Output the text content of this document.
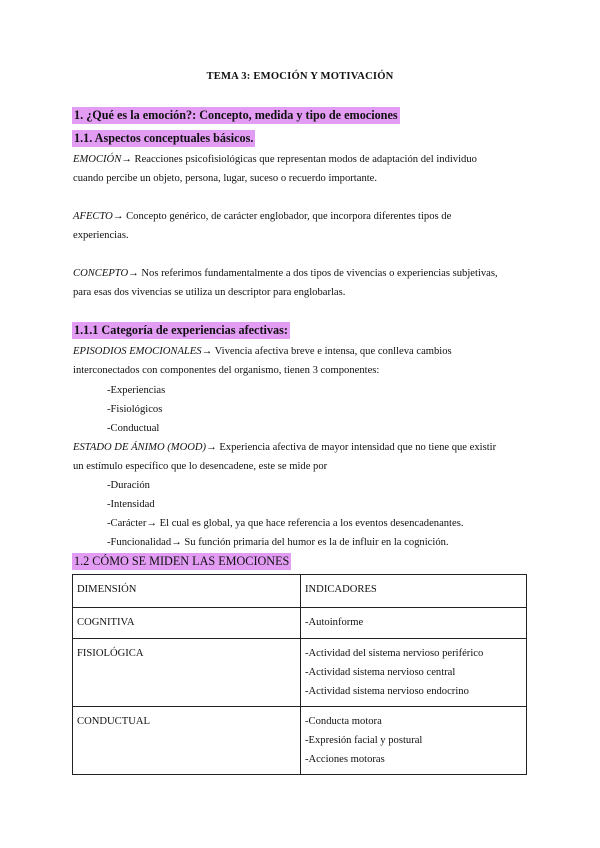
TEMA 3: EMOCIÓN Y MOTIVACIÓN
1. ¿Qué es la emoción?: Concepto, medida y tipo de emociones
1.1. Aspectos conceptuales básicos.
EMOCIÓN→ Reacciones psicofisiológicas que representan modos de adaptación del individuo
cuando percibe un objeto, persona, lugar, suceso o recuerdo importante.
AFECTO→ Concepto genérico, de carácter englobador, que incorpora diferentes tipos de
experiencias.
CONCEPTO→ Nos referimos fundamentalmente a dos tipos de vivencias o experiencias subjetivas,
para esas dos vivencias se utiliza un descriptor para englobarlas.
1.1.1 Categoría de experiencias afectivas:
EPISODIOS EMOCIONALES→ Vivencia afectiva breve e intensa, que conlleva cambios
interconectados con componentes del organismo, tienen 3 componentes:
-Experiencias
-Fisiológicos
-Conductual
ESTADO DE ÁNIMO (MOOD)→ Experiencia afectiva de mayor intensidad que no tiene que existir
un estímulo específico que lo desencadene, este se mide por
-Duración
-Intensidad
-Carácter→ El cual es global, ya que hace referencia a los eventos desencadenantes.
-Funcionalidad→ Su función primaria del humor es la de influir en la cognición.
1.2 CÓMO SE MIDEN LAS EMOCIONES
DIMENSIÓN	INDICADORES
COGNITIVA	-Autoinforme

FISIOLÓGICA	-Actividad del sistema nervioso periférico
-Actividad sistema nervioso central
-Actividad sistema nervioso endocrino

CONDUCTUAL	-Conducta motora
-Expresión facial y postural
-Acciones motoras
